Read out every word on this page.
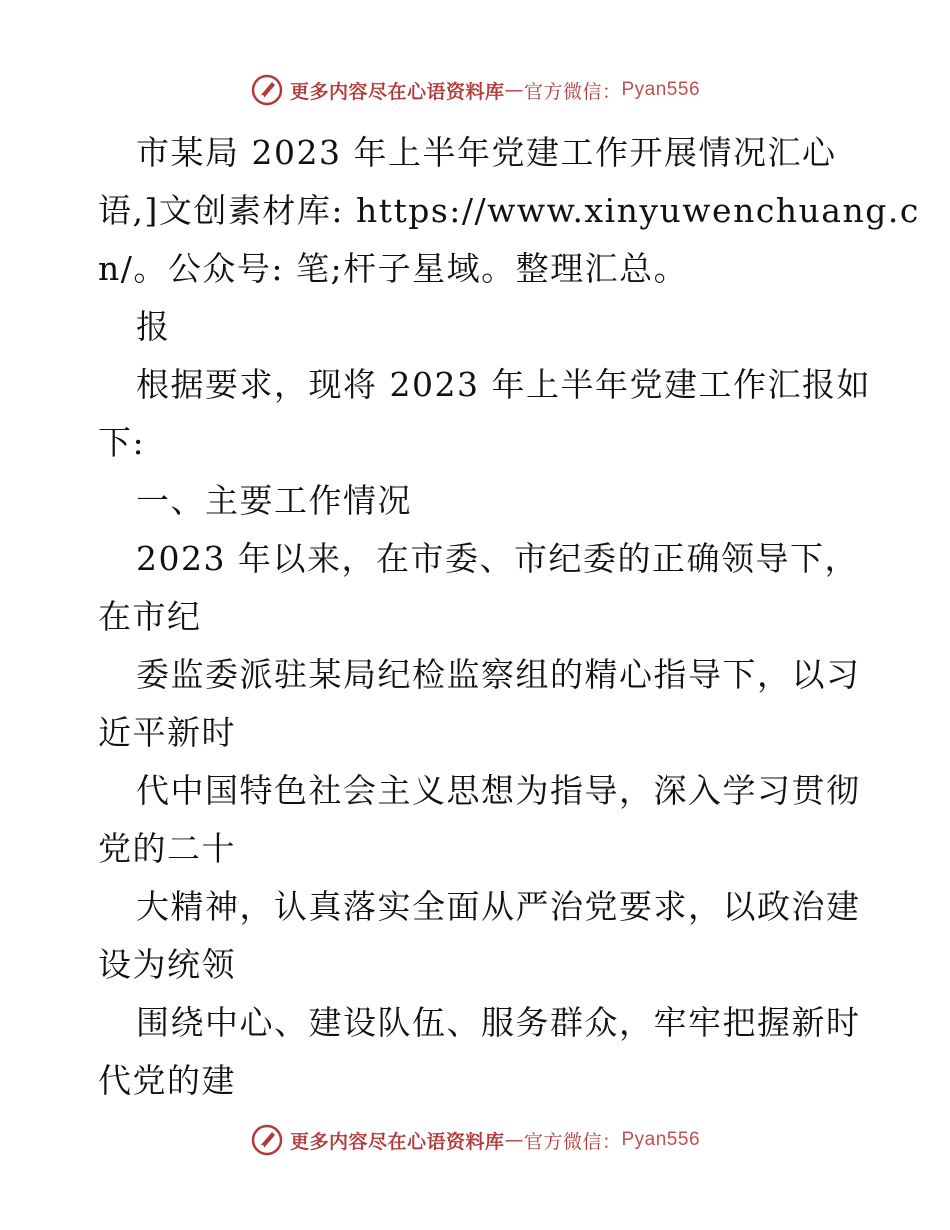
更多内容尽在心语资料库 — 官方微信： Pyan556
市某局 2023 年上半年党建工作开展情况汇心
语,]文创素材库: https://www.xinyuwenchuang.c
n/。公众号: 笔;杆子星域。整理汇总。
报
根据要求，现将 2023 年上半年党建工作汇报如
下:
一、主要工作情况
2023 年以来，在市委、市纪委的正确领导下，
在市纪
委监委派驻某局纪检监察组的精心指导下，以习
近平新时
代中国特色社会主义思想为指导，深入学习贯彻
党的二十
大精神，认真落实全面从严治党要求，以政治建
设为统领
围绕中心、建设队伍、服务群众，牢牢把握新时
代党的建
更多内容尽在心语资料库 — 官方微信： Pyan556
